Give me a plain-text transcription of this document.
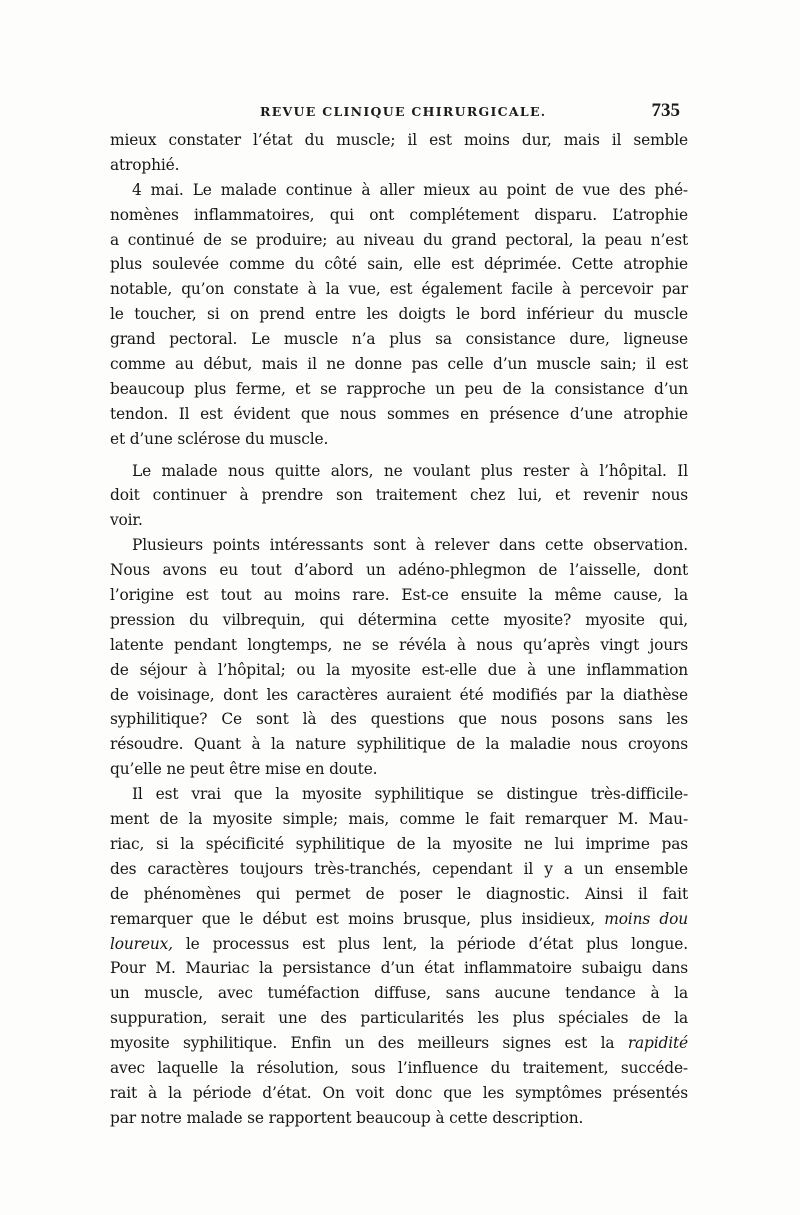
REVUE CLINIQUE CHIRURGICALE.	735
mieux constater l’état du muscle; il est moins dur, mais il semble
atrophié.
4 mai. Le malade continue à aller mieux au point de vue des phé-
nomènes inflammatoires, qui ont complétement disparu. L’atrophie
a continué de se produire; au niveau du grand pectoral, la peau n’est
plus soulevée comme du côté sain, elle est déprimée. Cette atrophie
notable, qu’on constate à la vue, est également facile à percevoir par
le toucher, si on prend entre les doigts le bord inférieur du muscle
grand pectoral. Le muscle n’a plus sa consistance dure, ligneuse
comme au début, mais il ne donne pas celle d’un muscle sain; il est
beaucoup plus ferme, et se rapproche un peu de la consistance d’un
tendon. Il est évident que nous sommes en présence d’une atrophie
et d’une sclérose du muscle.
Le malade nous quitte alors, ne voulant plus rester à l’hôpital. Il
doit continuer à prendre son traitement chez lui, et revenir nous
voir.
Plusieurs points intéressants sont à relever dans cette observation.
Nous avons eu tout d’abord un adéno-phlegmon de l’aisselle, dont
l’origine est tout au moins rare. Est-ce ensuite la même cause, la
pression du vilbrequin, qui détermina cette myosite? myosite qui,
latente pendant longtemps, ne se révéla à nous qu’après vingt jours
de séjour à l’hôpital; ou la myosite est-elle due à une inflammation
de voisinage, dont les caractères auraient été modifiés par la diathèse
syphilitique? Ce sont là des questions que nous posons sans les
résoudre. Quant à la nature syphilitique de la maladie nous croyons
qu’elle ne peut être mise en doute.
Il est vrai que la myosite syphilitique se distingue très-difficile-
ment de la myosite simple; mais, comme le fait remarquer M. Mau-
riac, si la spécificité syphilitique de la myosite ne lui imprime pas
des caractères toujours très-tranchés, cependant il y a un ensemble
de phénomènes qui permet de poser le diagnostic. Ainsi il fait
remarquer que le début est moins brusque, plus insidieux, moins dou
loureux, le processus est plus lent, la période d’état plus longue.
Pour M. Mauriac la persistance d’un état inflammatoire subaigu dans
un muscle, avec tuméfaction diffuse, sans aucune tendance à la
suppuration, serait une des particularités les plus spéciales de la
myosite syphilitique. Enfin un des meilleurs signes est la rapidité
avec laquelle la résolution, sous l’influence du traitement, succéde-
rait à la période d’état. On voit donc que les symptômes présentés
par notre malade se rapportent beaucoup à cette description.
